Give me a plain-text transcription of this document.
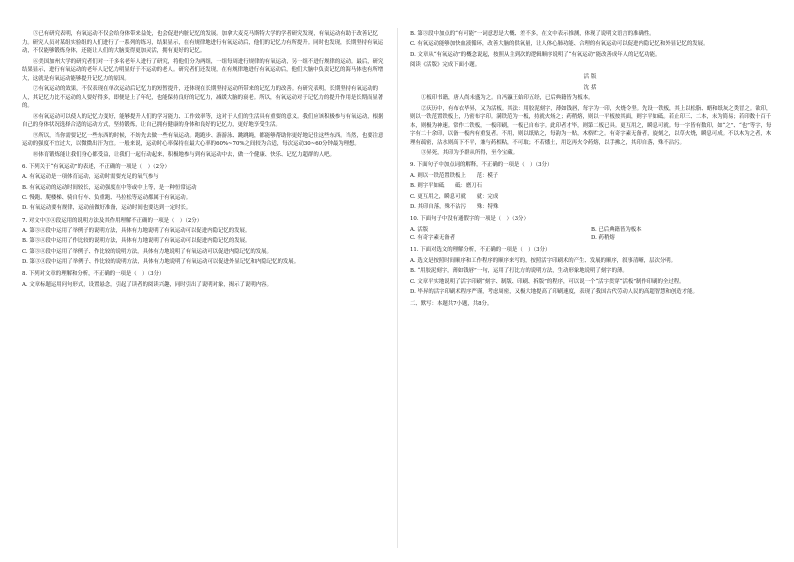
⑤已有研究表明，有氧运动不仅会给身体带来益处，也会促进内脏记忆的发展。加拿大麦克马斯特大学的学者研究发现，有氧运动有助于改善记忆力。研究人员对某组实验组的人们进行了一系列的练习，结果显示，在有规律地进行有氧运动后，他们的记忆力有所提升。同时也发现，长期坚持有氧运动，不仅能够锻炼身体，还能让人们的大脑变得更加灵活，拥有更好的记忆。

⑥美国加州大学的研究者们对一千多名老年人进行了研究，将他们分为两组，一组每周进行规律的有氧运动，另一组不进行规律的运动。最后，研究结果显示，进行有氧运动的老年人记忆力明显好于不运动的老人。研究者们还发现，在有规律地进行有氧运动后，他们大脑中负责记忆的海马体也有所增大，这就是有氧运动能够提升记忆力的原因。

⑦有氧运动的效果，不仅表现在单次运动后记忆力的短暂提升，还体现在长期坚持运动所带来的记忆力的改善。有研究表明，长期坚持有氧运动的人，其记忆力比不运动的人要好得多，即便是上了年纪，也能保持良好的记忆力，减缓大脑的衰老。所以，有氧运动对于记忆力的提升作用是长期而显著的。

⑧有氧运动可以使人的记忆力变好，能够提升人们的学习能力、工作效率等，这对于人们的生活具有重要的意义。我们应该积极参与有氧运动，根据自己的身体状况选择合适的运动方式，坚持锻炼，让自己拥有健康的身体和良好的记忆力，更好地享受生活。

⑨所以，当你需要记忆一些东西的时候，不妨先去做一些有氧运动。跑跑步、游游泳、跳跳绳，都能够帮助你更好地记住这些东西。当然，也要注意运动的强度不宜过大，以微微出汗为宜。一般来说，运动时心率保持在最大心率的60%~70%之间较为合适，每次运动30~60分钟最为理想。

⑩体育锻炼能让我们身心都受益，让我们一起行动起来，积极地参与到有氧运动中去，做一个健康、快乐、记忆力超群的人吧。

6. 下列关于“有氧运动”的表述，不正确的一项是（　）（2分）

A. 有氧运动是一项体育运动，运动时需要充足的氧气参与

B. 有氧运动的运动时间较长，运动强度在中等或中上等，是一种恒常运动

C. 慢跑、爬楼梯、骑自行车、负重跑、马拉松等运动都属于有氧运动。

D. 有氧运动要有规律，运动前做好准备，运动时间也要达到一定时长。

7. 对文中③④段运用的说明方法及其作用理解不正确的一项是（　）（2分）

A. 第③④段中运用了举例子的说明方法，具体有力地说明了有氧运动可以促进内隐记忆的发展。

B. 第③④段中运用了作比较的说明方法，具体有力地说明了有氧运动可以促进内隐记忆的发展。

C. 第③④段中运用了举例子、作比较的说明方法，具体有力地说明了有氧运动可以促进内隐记忆的发展。

D. 第③④段中运用了举例子、作比较的说明方法，具体有力地说明了有氧运动可以促进外显记忆和内隐记忆的发展。

8. 下列对文章的理解和分析，不正确的一项是（　）（3分）

A. 文章标题运用问句形式，设置悬念，引起了读者的阅读兴趣，同时引出了说明对象，揭示了说明内容。

B. 第③段中加点的“有可能”一词意思是大概、差不多，在文中表示推测，体现了说明文语言的准确性。

C. 有氧运动能够加快血液循环，改善大脑的供氧量，让人体心肺功能、合理的有氧运动可以促进内隐记忆和外显记忆的发展。

D. 文章从“有氧运动”的概念说起，按照从主到次的逻辑顺序说明了“有氧运动”能改善成年人的记忆功能。

阅读《活版》完成下面小题。

活版

沈括

①板印书籍，唐人尚未盛为之。自冯瀛王始印五经，已后典籍皆为板本。

②庆历中，有布衣毕昇，又为活板。其法：用胶泥刻字，薄如钱唇，每字为一印，火烧令坚。先设一铁板，其上以松脂、蜡和纸灰之类冒之。欲印，则以一铁范置铁板上，乃密布字印。满铁范为一板，持就火炀之；药稍熔，则以一平板按其面，则字平如砥。若止印三、二本，未为简易；若印数十百千本，则极为神速。常作二铁板，一板印刷，一板已自布字。此印者才毕，则第二板已具。更互用之，瞬息可就。每一字皆有数印，如“之”、“也”等字，每字有二十余印，以备一板内有重复者。不用，则以纸贴之，每韵为一贴，木格贮之。有奇字素无备者，旋刻之，以草火烧，瞬息可成。不以木为之者，木理有疏密，沾水则高下不平，兼与药相粘，不可取；不若燔土，用讫再火令药熔，以手拂之，其印自落，殊不沾污。

③昇死，其印为予群从所得，至今宝藏。

9. 下面句子中加点词的解释，不正确的一项是（　）（3分）

A. 则以一铁范置铁板上　　范：模子

B. 则字平如砥　　砥：磨刀石

C. 更互用之，瞬息可就　　就：完成

D. 其印自落，殊不沾污　　殊：特殊

10. 下面句子中没有通假字的一项是（　）（3分）

A. 活版	B. 已后典籍皆为板本
C. 有奇字素无备者	D. 药稍熔

11. 下面对选文的理解分析，不正确的一项是（　）（3分）

A. 选文是按照时间顺序和工作程序的顺序来写的，按照活字印刷术的产生、发展的顺序，叙事清晰，层次分明。

B. “用胶泥刻字，薄如钱唇”一句，运用了打比方的说明方法，生动形象地说明了刻字的薄。

C. 文章平实地说明了活字印刷“刻字、制版、印刷、拆版”的程序，可以说一个“活字贯穿“活板”制作印刷的全过程。

D. 毕昇的活字印刷术程序严谨，考虑周密，又极大地提高了印刷速度，表现了我国古代劳动人民的高超智慧和创造才能。

二、默写：本题共7小题，共8分。
